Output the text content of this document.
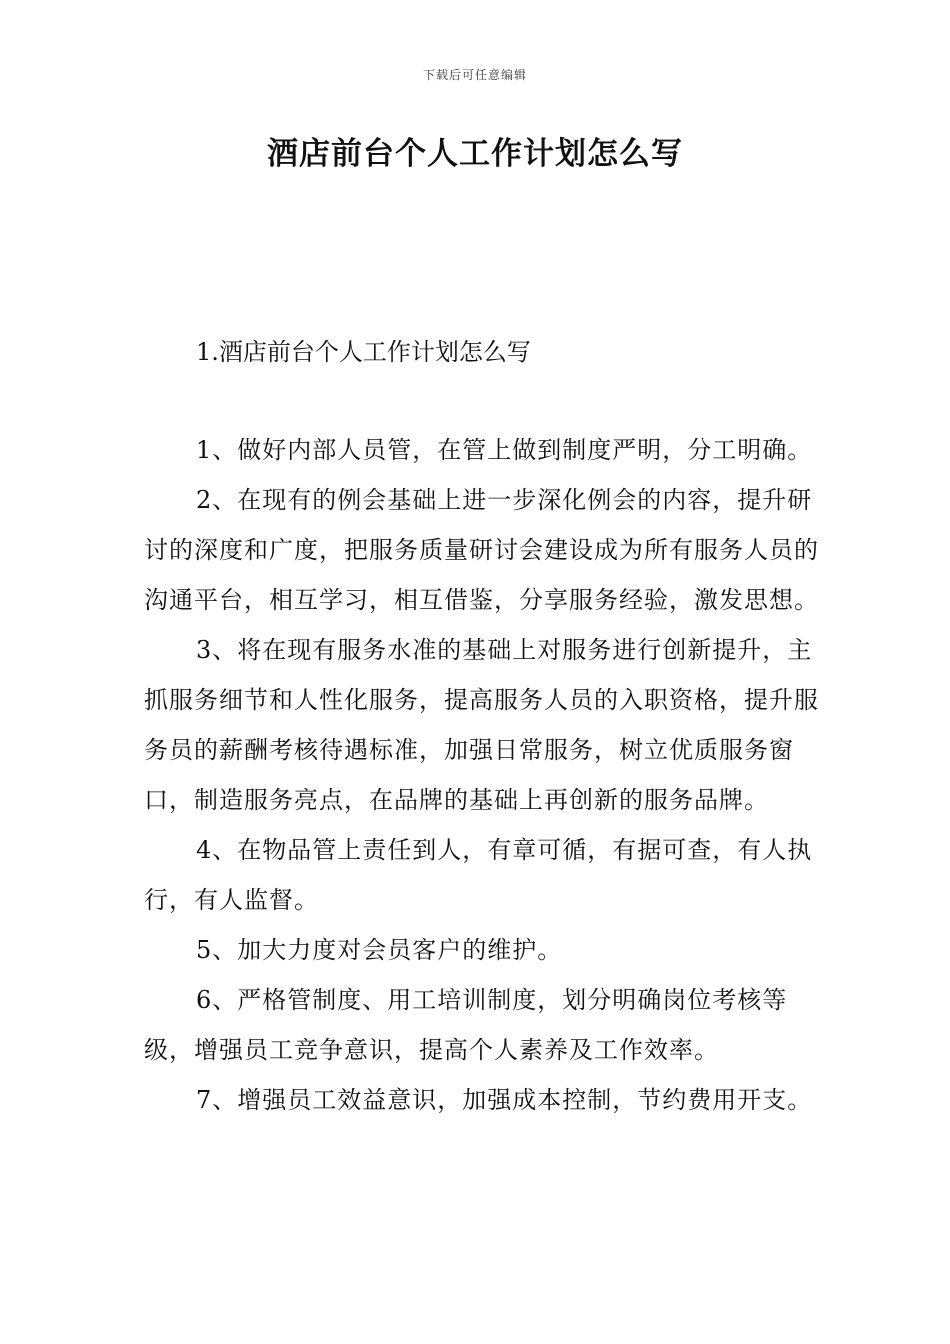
下载后可任意编辑
酒店前台个人工作计划怎么写
1.酒店前台个人工作计划怎么写

1、做好内部人员管，在管上做到制度严明，分工明确。

2、在现有的例会基础上进一步深化例会的内容，提升研讨的深度和广度，把服务质量研讨会建设成为所有服务人员的沟通平台，相互学习，相互借鉴，分享服务经验，激发思想。

3、将在现有服务水准的基础上对服务进行创新提升，主抓服务细节和人性化服务，提高服务人员的入职资格，提升服务员的薪酬考核待遇标准，加强日常服务，树立优质服务窗口，制造服务亮点，在品牌的基础上再创新的服务品牌。

4、在物品管上责任到人，有章可循，有据可查，有人执行，有人监督。

5、加大力度对会员客户的维护。

6、严格管制度、用工培训制度，划分明确岗位考核等级，增强员工竞争意识，提高个人素养及工作效率。

7、增强员工效益意识，加强成本控制，节约费用开支。
